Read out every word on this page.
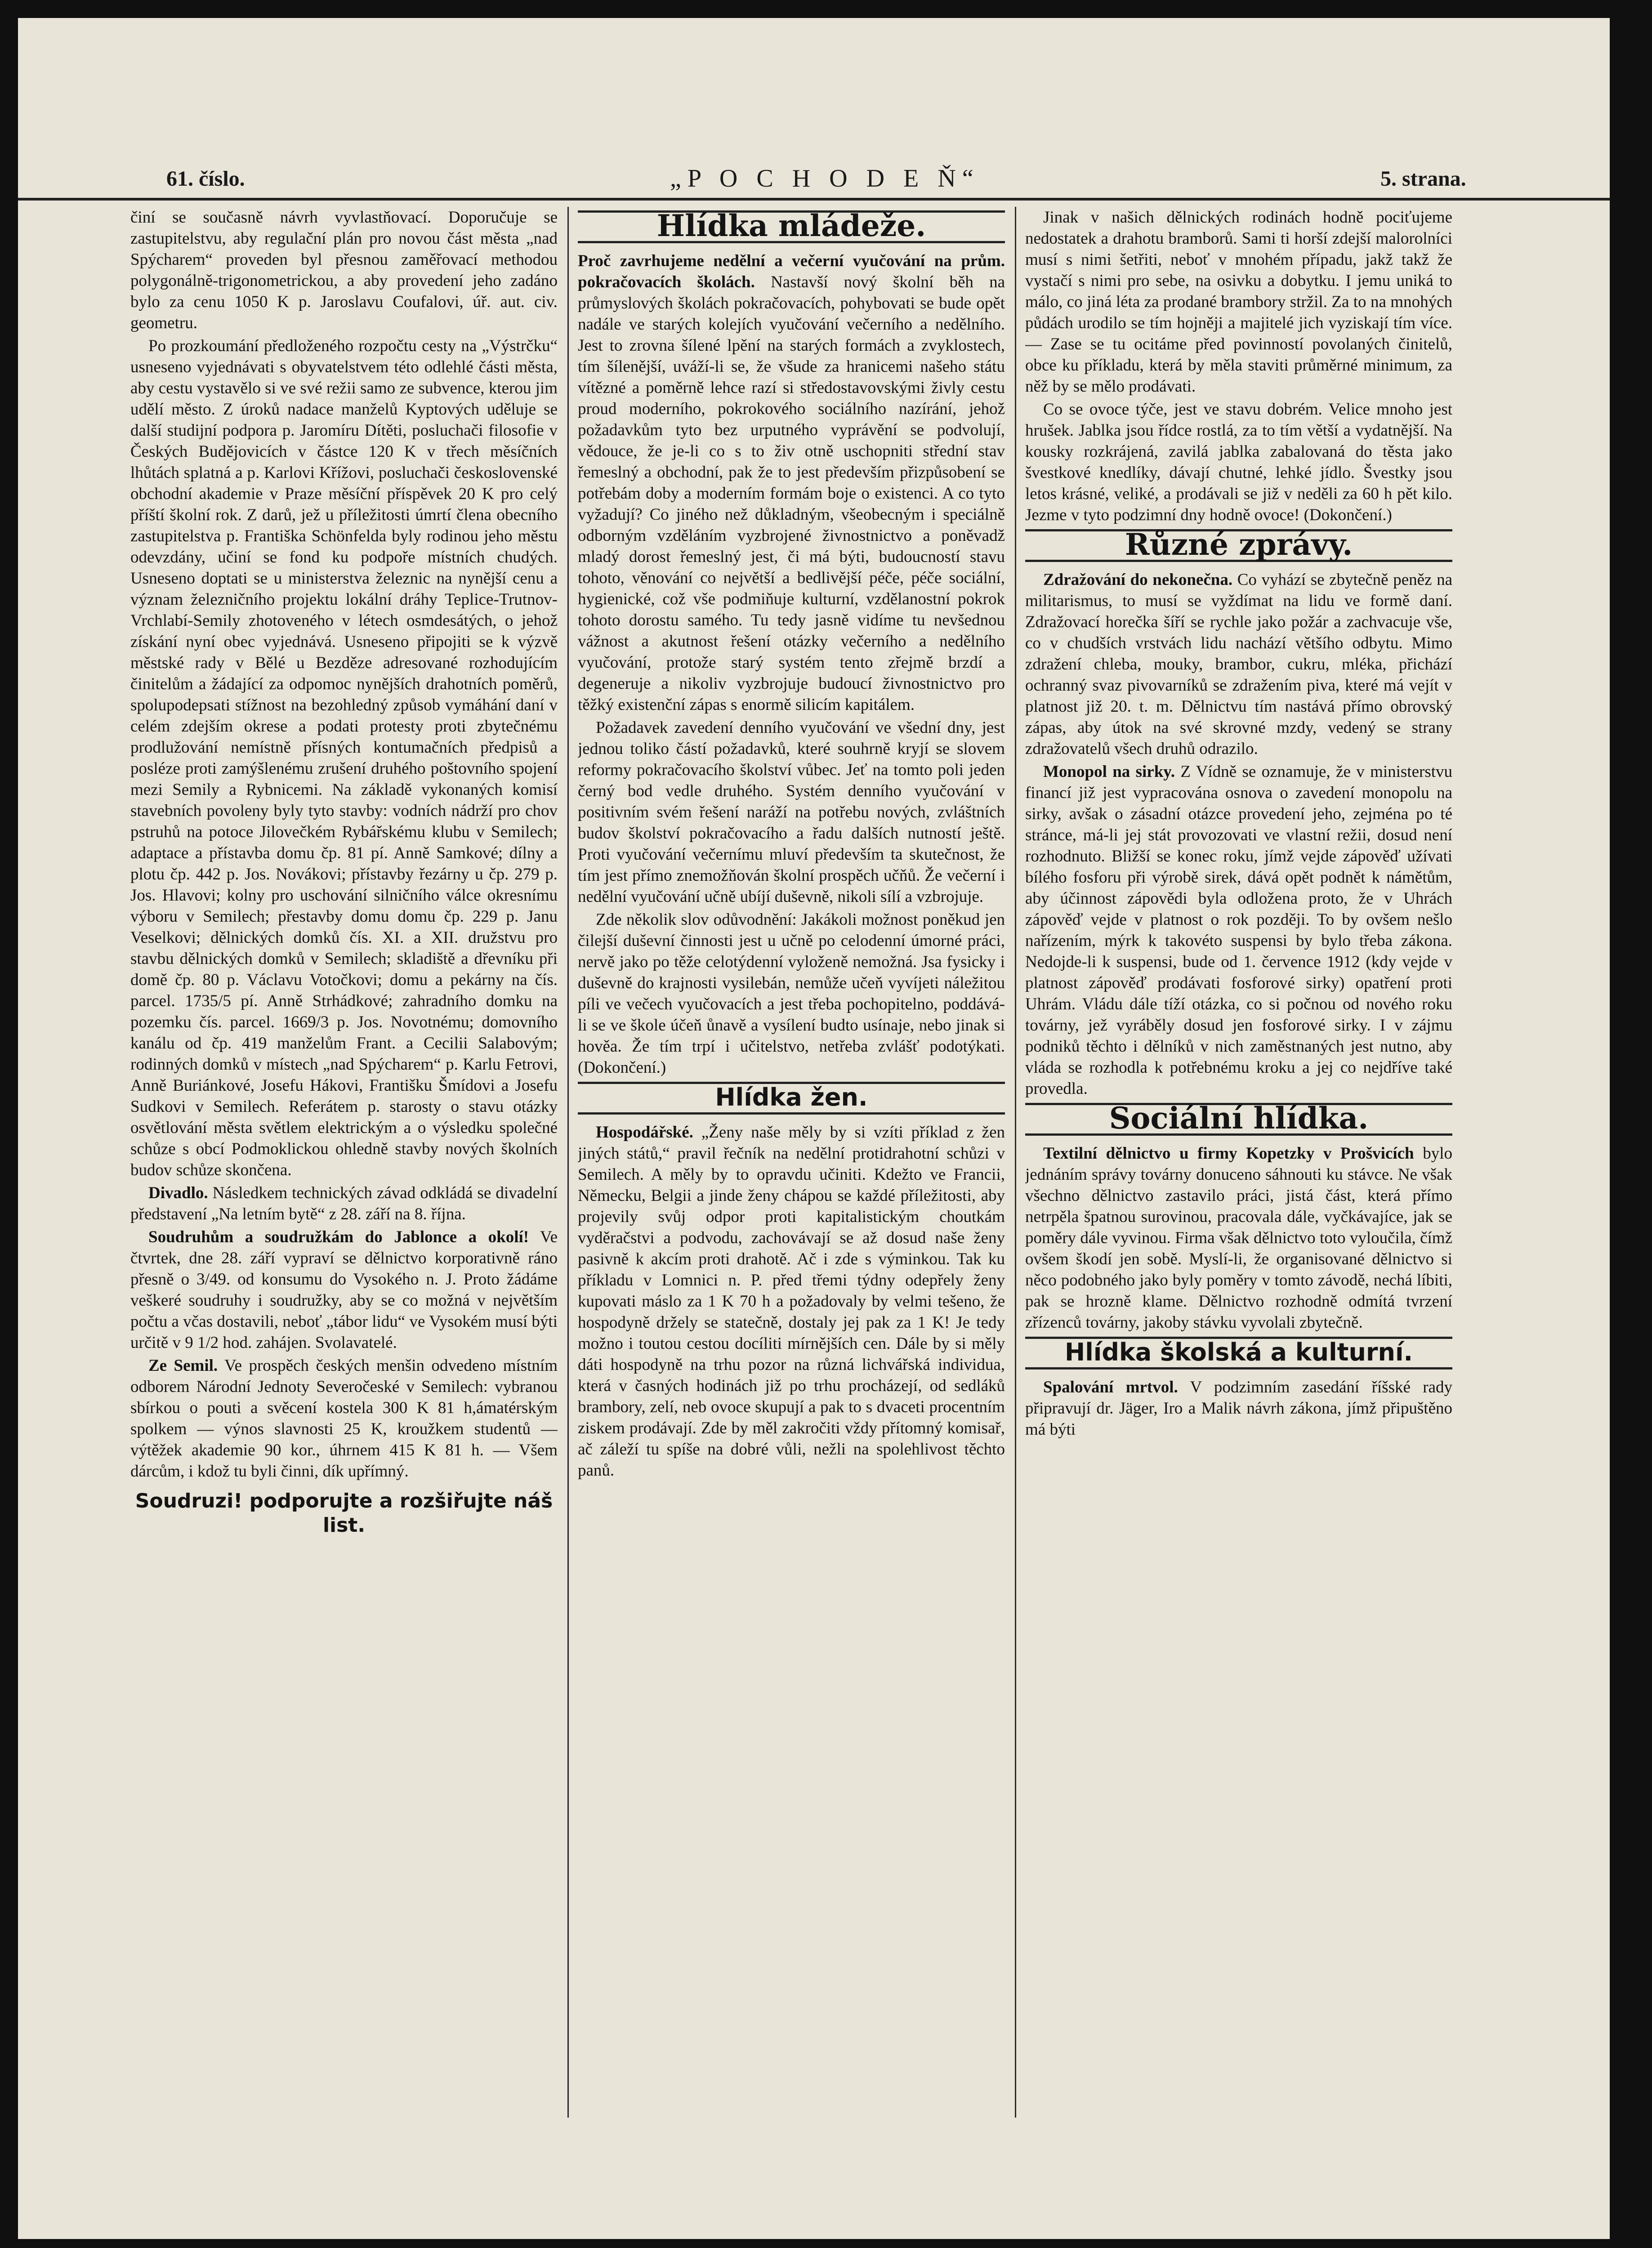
61. číslo.	„P O C H O D E Ň“	5. strana.

činí se současně návrh vyvlastňovací. Doporučuje se zastupitelstvu, aby regulační plán pro novou část města „nad Spýcharem“ proveden byl přesnou zaměřovací methodou polygonálně-trigonometrickou, a aby provedení jeho zadáno bylo za cenu 1050 K p. Jaroslavu Coufalovi, úř. aut. civ. geometru.

Po prozkoumání předloženého rozpočtu cesty na „Výstrčku“ usneseno vyjednávati s obyvatelstvem této odlehlé části města, aby cestu vystavělo si ve své režii samo ze subvence, kterou jim udělí město. Z úroků nadace manželů Kyptových uděluje se další studijní podpora p. Jaromíru Dítěti, posluchači filosofie v Českých Budějovicích v částce 120 K v třech měsíčních lhůtách splatná a p. Karlovi Křížovi, posluchači československé obchodní akademie v Praze měsíční příspěvek 20 K pro celý příští školní rok. Z darů, jež u příležitosti úmrtí člena obecního zastupitelstva p. Františka Schönfelda byly rodinou jeho městu odevzdány, učiní se fond ku podpoře místních chudých. Usneseno doptati se u ministerstva železnic na nynější cenu a význam železničního projektu lokální dráhy Teplice-Trutnov-Vrchlabí-Semily zhotoveného v létech osmdesátých, o jehož získání nyní obec vyjednává. Usneseno připojiti se k výzvě městské rady v Bělé u Bezděze adresované rozhodujícím činitelům a žádající za odpomoc nynějších drahotních poměrů, spolupodepsati stížnost na bezohledný způsob vymáhání daní v celém zdejším okrese a podati protesty proti zbytečnému prodlužování nemístně přísných kontumačních předpisů a posléze proti zamýšlenému zrušení druhého poštovního spojení mezi Semily a Rybnicemi. Na základě vykonaných komisí stavebních povoleny byly tyto stavby: vodních nádrží pro chov pstruhů na potoce Jilovečkém Rybářskému klubu v Semilech; adaptace a přístavba domu čp. 81 pí. Anně Samkové; dílny a plotu čp. 442 p. Jos. Novákovi; přístavby řezárny u čp. 279 p. Jos. Hlavovi; kolny pro uschování silničního válce okresnímu výboru v Semilech; přestavby domu domu čp. 229 p. Janu Veselkovi; dělnických domků čís. XI. a XII. družstvu pro stavbu dělnických domků v Semilech; skladiště a dřevníku při domě čp. 80 p. Václavu Votočkovi; domu a pekárny na čís. parcel. 1735/5 pí. Anně Strhádkové; zahradního domku na pozemku čís. parcel. 1669/3 p. Jos. Novotnému; domovního kanálu od čp. 419 manželům Frant. a Cecilii Salabovým; rodinných domků v místech „nad Spýcharem“ p. Karlu Fetrovi, Anně Buriánkové, Josefu Hákovi, Františku Šmídovi a Josefu Sudkovi v Semilech. Referátem p. starosty o stavu otázky osvětlování města světlem elektrickým a o výsledku společné schůze s obcí Podmoklickou ohledně stavby nových školních budov schůze skončena.

Divadlo. Následkem technických závad odkládá se divadelní představení „Na letním bytě“ z 28. září na 8. října.

Soudruhům a soudružkám do Jablonce a okolí! Ve čtvrtek, dne 28. září vypraví se dělnictvo korporativně ráno přesně o 3/49. od konsumu do Vysokého n. J. Proto žádáme veškeré soudruhy i soudružky, aby se co možná v největším počtu a včas dostavili, neboť „tábor lidu“ ve Vysokém musí býti určitě v 9 1/2 hod. zahájen. Svolavatelé.

Ze Semil. Ve prospěch českých menšin odvedeno místním odborem Národní Jednoty Severočeské v Semilech: vybranou sbírkou o pouti a svěcení kostela 300 K 81 h,ámatérským spolkem — výnos slavnosti 25 K, kroužkem studentů — výtěžek akademie 90 kor., úhrnem 415 K 81 h. — Všem dárcům, i kdož tu byli činni, dík upřímný.

Soudruzi! podporujte a rozšiřujte náš list.
Hlídka mládeže.

Proč zavrhujeme nedělní a večerní vyučování na prům. pokračovacích školách. Nastavší nový školní běh na průmyslových školách pokračovacích, pohybovati se bude opět nadále ve starých kolejích vyučování večerního a nedělního. Jest to zrovna šílené lpění na starých formách a zvyklostech, tím šílenější, uváží-li se, že všude za hranicemi našeho státu vítězné a poměrně lehce razí si středostavovskými živly cestu proud moderního, pokrokového sociálního nazírání, jehož požadavkům tyto bez urputného vyprávění se podvolují, vědouce, že je-li co s to živ otně uschopniti střední stav řemeslný a obchodní, pak že to jest především přizpůsobení se potřebám doby a moderním formám boje o existenci. A co tyto vyžadují? Co jiného než důkladným, všeobecným i speciálně odborným vzděláním vyzbrojené živnostnictvo a poněvadž mladý dorost řemeslný jest, či má býti, budoucností stavu tohoto, věnování co největší a bedlivější péče, péče sociální, hygienické, což vše podmiňuje kulturní, vzdělanostní pokrok tohoto dorostu samého. Tu tedy jasně vidíme tu nevšednou vážnost a akutnost řešení otázky večerního a nedělního vyučování, protože starý systém tento zřejmě brzdí a degeneruje a nikoliv vyzbrojuje budoucí živnostnictvo pro těžký existenční zápas s enormě silicím kapitálem.

Požadavek zavedení denního vyučování ve všední dny, jest jednou toliko částí požadavků, které souhrně kryjí se slovem reformy pokračovacího školství vůbec. Jeť na tomto poli jeden černý bod vedle druhého. Systém denního vyučování v positivním svém řešení naráží na potřebu nových, zvláštních budov školství pokračovacího a řadu dalších nutností ještě. Proti vyučování večernímu mluví především ta skutečnost, že tím jest přímo znemožňován školní prospěch učňů. Že večerní i nedělní vyučování učně ubíjí duševně, nikoli sílí a vzbrojuje.

Zde několik slov odůvodnění: Jakákoli možnost poněkud jen čilejší duševní činnosti jest u učně po celodenní úmorné práci, nervě jako po těže celotýdenní vyloženě nemožná. Jsa fysicky i duševně do krajnosti vysilebán, nemůže učeň vyvíjeti náležitou píli ve večech vyučovacích a jest třeba pochopitelno, poddává-li se ve škole účeň ůnavě a vysílení budto usínaje, nebo jinak si hověa. Že tím trpí i učitelstvo, netřeba zvlášť podotýkati. (Dokončení.)

Hlídka žen.

Hospodářské. „Ženy naše měly by si vzíti příklad z žen jiných států,“ pravil řečník na nedělní protidrahotní schůzi v Semilech. A měly by to opravdu učiniti. Kdežto ve Francii, Německu, Belgii a jinde ženy chápou se každé příležitosti, aby projevily svůj odpor proti kapitalistickým choutkám vyděračstvi a podvodu, zachovávají se až dosud naše ženy pasivně k akcím proti drahotě. Ač i zde s výminkou. Tak ku příkladu v Lomnici n. P. před třemi týdny odepřely ženy kupovati máslo za 1 K 70 h a požadovaly by velmi tešeno, že hospodyně držely se statečně, dostaly jej pak za 1 K! Je tedy možno i toutou cestou docíliti mírnějších cen. Dále by si měly dáti hospodyně na trhu pozor na různá lichvářská individua, která v časných hodinách již po trhu procházejí, od sedláků brambory, zelí, neb ovoce skupují a pak to s dvaceti procentním ziskem prodávají. Zde by měl zakročiti vždy přítomný komisař, ač záleží tu spíše na dobré vůli, nežli na spolehlivost těchto panů.

Jinak v našich dělnických rodinách hodně pociťujeme nedostatek a drahotu bramborů. Sami ti horší zdejší malorolníci musí s nimi šetřiti, neboť v mnohém případu, jakž takž že vystačí s nimi pro sebe, na osivku a dobytku. I jemu uniká to málo, co jiná léta za prodané brambory stržil. Za to na mnohých půdách urodilo se tím hojněji a majitelé jich vyziskají tím více. — Zase se tu ocitáme před povinností povolaných činitelů, obce ku příkladu, která by měla staviti průměrné minimum, za něž by se mělo prodávati.

Co se ovoce týče, jest ve stavu dobrém. Velice mnoho jest hrušek. Jablka jsou řídce rostlá, za to tím větší a vydatnější. Na kousky rozkrájená, zavilá jablka zabalovaná do těsta jako švestkové knedlíky, dávají chutné, lehké jídlo. Švestky jsou letos krásné, veliké, a prodávali se již v neděli za 60 h pět kilo. Jezme v tyto podzimní dny hodně ovoce! (Dokončení.)

Různé zprávy.

Zdražování do nekonečna. Co vyhází se zbytečně peněz na militarismus, to musí se vyždímat na lidu ve formě daní. Zdražovací horečka šíří se rychle jako požár a zachvacuje vše, co v chudších vrstvách lidu nachází většího odbytu. Mimo zdražení chleba, mouky, brambor, cukru, mléka, přichází ochranný svaz pivovarníků se zdražením piva, které má vejít v platnost již 20. t. m. Dělnictvu tím nastává přímo obrovský zápas, aby útok na své skrovné mzdy, vedený se strany zdražovatelů všech druhů odrazilo.

Monopol na sirky. Z Vídně se oznamuje, že v ministerstvu financí již jest vypracována osnova o zavedení monopolu na sirky, avšak o zásadní otázce provedení jeho, zejména po té stránce, má-li jej stát provozovati ve vlastní režii, dosud není rozhodnuto. Bližší se konec roku, jímž vejde zápověď užívati bílého fosforu při výrobě sirek, dává opět podnět k námětům, aby účinnost zápovědi byla odložena proto, že v Uhrách zápověď vejde v platnost o rok později. To by ovšem nešlo nařízením, mýrk k takovéto suspensi by bylo třeba zákona. Nedojde-li k suspensi, bude od 1. července 1912 (kdy vejde v platnost zápověď prodávati fosforové sirky) opatření proti Uhrám. Vládu dále tíží otázka, co si počnou od nového roku továrny, jež vyráběly dosud jen fosforové sirky. I v zájmu podniků těchto i dělníků v nich zaměstnaných jest nutno, aby vláda se rozhodla k potřebnému kroku a jej co nejdříve také provedla.

Sociální hlídka.

Textilní dělnictvo u firmy Kopetzky v Prošvicích bylo jednáním správy továrny donuceno sáhnouti ku stávce. Ne však všechno dělnictvo zastavilo práci, jistá část, která přímo netrpěla špatnou surovinou, pracovala dále, vyčkávajíce, jak se poměry dále vyvinou. Firma však dělnictvo toto vyloučila, čímž ovšem škodí jen sobě. Myslí-li, že organisované dělnictvo si něco podobného jako byly poměry v tomto závodě, nechá líbiti, pak se hrozně klame. Dělnictvo rozhodně odmítá tvrzení zřízenců továrny, jakoby stávku vyvolali zbytečně.

Hlídka školská a kulturní.

Spalování mrtvol. V podzimním zasedání říšské rady připravují dr. Jäger, Iro a Malik návrh zákona, jímž připuštěno má býti
